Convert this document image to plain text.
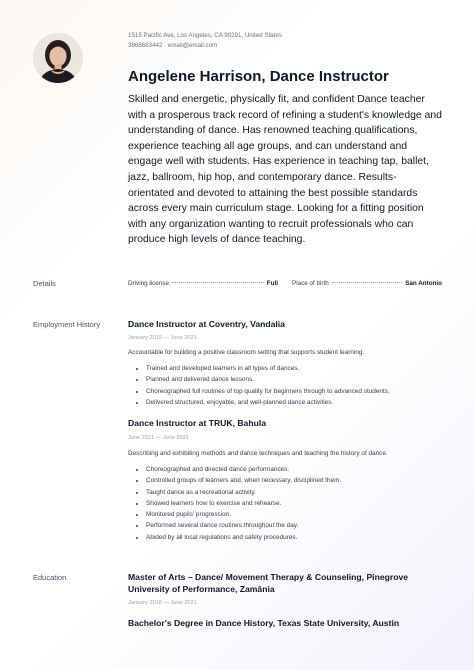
1515 Pacific Ave, Los Angeles, CA 90291, United States
3868683442 · email@email.com
Angelene Harrison, Dance Instructor

Skilled and energetic, physically fit, and confident Dance teacher with a prosperous track record of refining a student's knowledge and understanding of dance. Has renowned teaching qualifications, experience teaching all age groups, and can understand and engage well with students. Has experience in teaching tap, ballet, jazz, ballroom, hip hop, and contemporary dance. Results- orientated and devoted to attaining the best possible standards across every main curriculum stage. Looking for a fitting position with any organization wanting to recruit professionals who can produce high levels of dance teaching.

Details	Driving license	Full Place of birth	San Antonio
Employment History	Dance Instructor at Coventry, Vandalia
January 2019 — June 2021
Accountable for building a positive classroom setting that supports student learning.
• Trained and developed learners in all types of dances.
• Planned and delivered dance lessons.
• Choreographed full routines of top quality for beginners through to advanced students.
• Delivered structured, enjoyable, and well-planned dance activities.
Dance Instructor at TRUK, Bahula
June 2021 — June 2021
Describing and exhibiting methods and dance techniques and teaching the history of dance.
• Choreographed and directed dance performances.
• Controlled groups of learners and, when necessary, disciplined them.
• Taught dance as a recreational activity.
• Showed learners how to exercise and rehearse.
• Monitored pupils' progression.
• Performed several dance routines throughout the day.
• Abided by all local regulations and safety procedures.
Education	Master of Arts – Dance/ Movement Therapy & Counseling, Pinegrove
University of Performance, Zamânia
January 2018 — June 2021
Bachelor's Degree in Dance History, Texas State University, Austin
